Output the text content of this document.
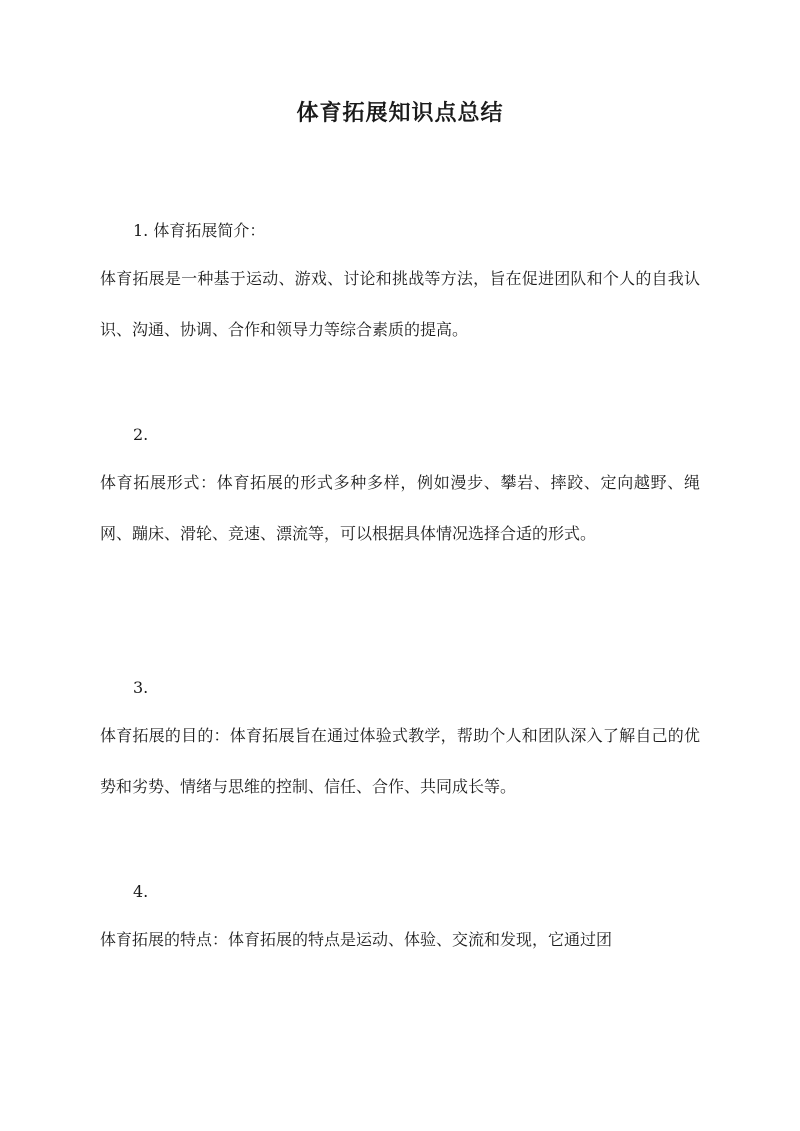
体育拓展知识点总结
1. 体育拓展简介：
体育拓展是一种基于运动、游戏、讨论和挑战等方法，旨在促进团队和个人的自我认识、沟通、协调、合作和领导力等综合素质的提高。
2.
体育拓展形式：体育拓展的形式多种多样，例如漫步、攀岩、摔跤、定向越野、绳网、蹦床、滑轮、竞速、漂流等，可以根据具体情况选择合适的形式。
3.
体育拓展的目的：体育拓展旨在通过体验式教学，帮助个人和团队深入了解自己的优势和劣势、情绪与思维的控制、信任、合作、共同成长等。
4.
体育拓展的特点：体育拓展的特点是运动、体验、交流和发现，它通过团
